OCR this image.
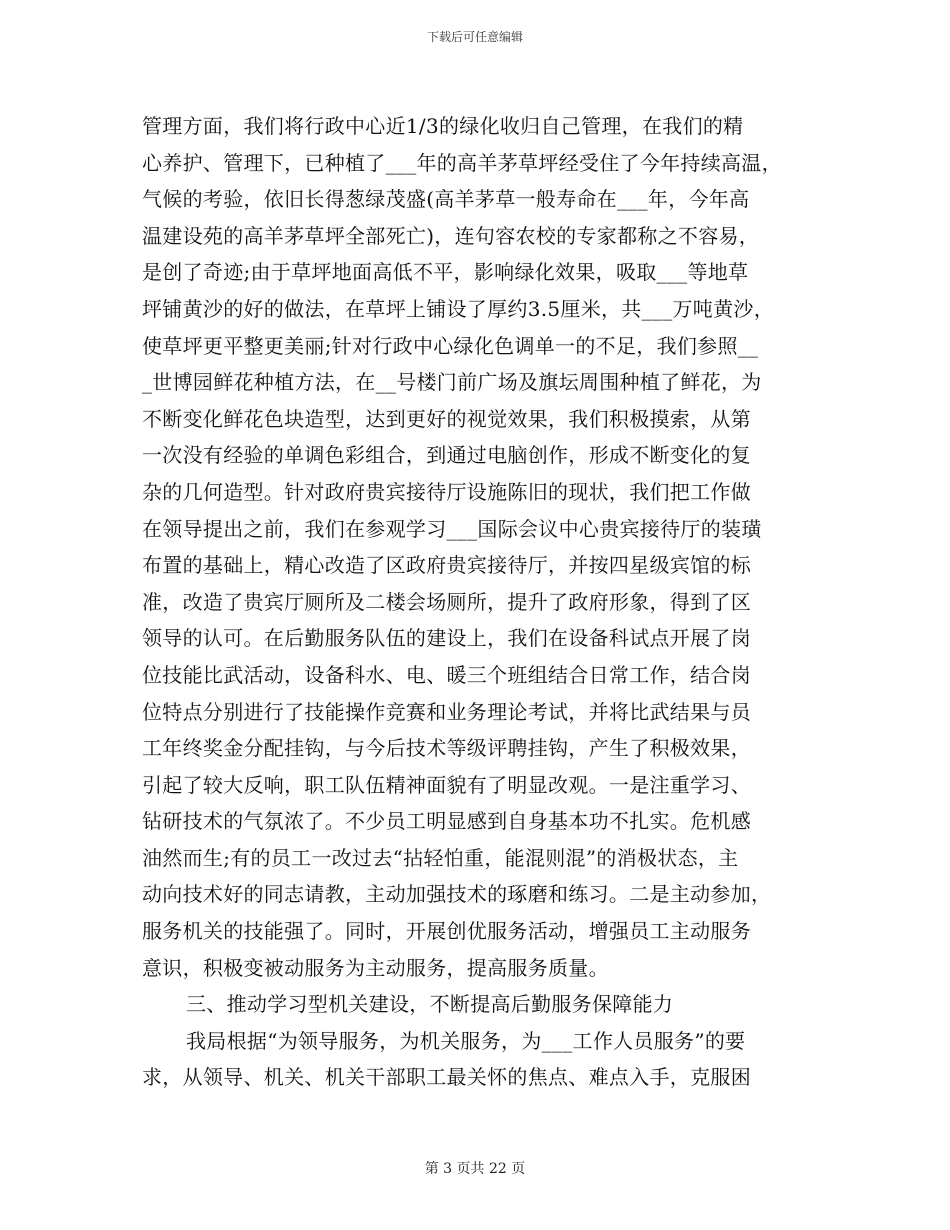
下载后可任意编辑
管理方面，我们将行政中心近1/3的绿化收归自己管理，在我们的精
心养护、管理下，已种植了___年的高羊茅草坪经受住了今年持续高温，
气候的考验，依旧长得葱绿茂盛(高羊茅草一般寿命在___年，今年高
温建设苑的高羊茅草坪全部死亡)，连句容农校的专家都称之不容易，
是创了奇迹;由于草坪地面高低不平，影响绿化效果，吸取___等地草
坪铺黄沙的好的做法，在草坪上铺设了厚约3.5厘米，共___万吨黄沙，
使草坪更平整更美丽;针对行政中心绿化色调单一的不足，我们参照__
_世博园鲜花种植方法，在__号楼门前广场及旗坛周围种植了鲜花，为
不断变化鲜花色块造型，达到更好的视觉效果，我们积极摸索，从第
一次没有经验的单调色彩组合，到通过电脑创作，形成不断变化的复
杂的几何造型。针对政府贵宾接待厅设施陈旧的现状，我们把工作做
在领导提出之前，我们在参观学习___国际会议中心贵宾接待厅的装璜
布置的基础上，精心改造了区政府贵宾接待厅，并按四星级宾馆的标
准，改造了贵宾厅厕所及二楼会场厕所，提升了政府形象，得到了区
领导的认可。在后勤服务队伍的建设上，我们在设备科试点开展了岗
位技能比武活动，设备科水、电、暖三个班组结合日常工作，结合岗
位特点分别进行了技能操作竞赛和业务理论考试，并将比武结果与员
工年终奖金分配挂钩，与今后技术等级评聘挂钩，产生了积极效果，
引起了较大反响，职工队伍精神面貌有了明显改观。一是注重学习、
钻研技术的气氛浓了。不少员工明显感到自身基本功不扎实。危机感
油然而生;有的员工一改过去“拈轻怕重，能混则混”的消极状态，主
动向技术好的同志请教，主动加强技术的琢磨和练习。二是主动参加，
服务机关的技能强了。同时，开展创优服务活动，增强员工主动服务
意识，积极变被动服务为主动服务，提高服务质量。
三、推动学习型机关建设，不断提高后勤服务保障能力
我局根据“为领导服务，为机关服务，为___工作人员服务”的要
求，从领导、机关、机关干部职工最关怀的焦点、难点入手，克服困
第 3 页共 22 页
